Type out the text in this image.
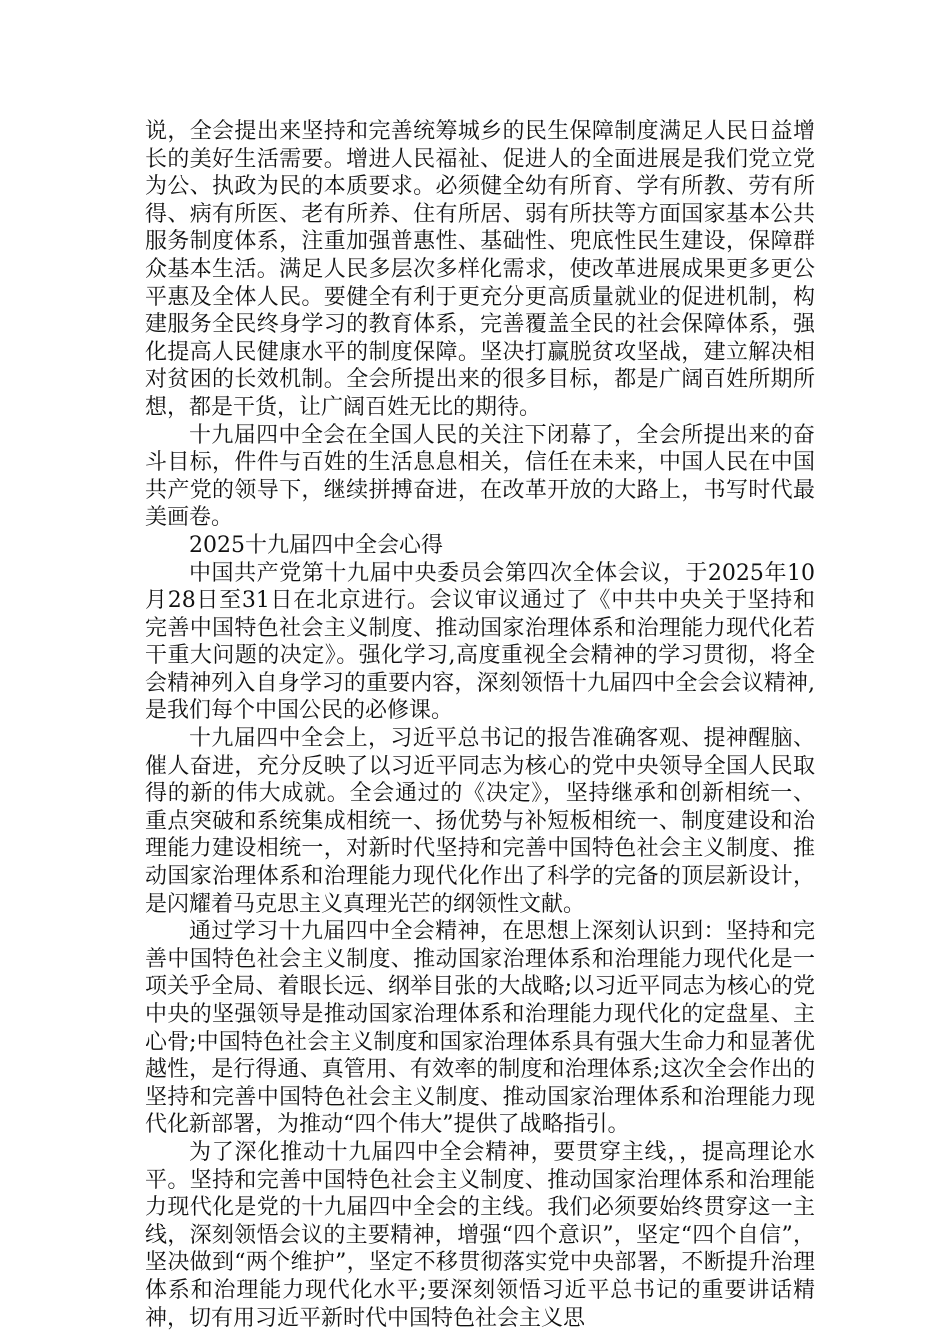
说，全会提出来坚持和完善统筹城乡的民生保障制度满足人民日益增长的美好生活需要。增进人民福祉、促进人的全面进展是我们党立党为公、执政为民的本质要求。必须健全幼有所育、学有所教、劳有所得、病有所医、老有所养、住有所居、弱有所扶等方面国家基本公共服务制度体系，注重加强普惠性、基础性、兜底性民生建设，保障群众基本生活。满足人民多层次多样化需求，使改革进展成果更多更公平惠及全体人民。要健全有利于更充分更高质量就业的促进机制，构建服务全民终身学习的教育体系，完善覆盖全民的社会保障体系，强化提高人民健康水平的制度保障。坚决打赢脱贫攻坚战，建立解决相对贫困的长效机制。全会所提出来的很多目标，都是广阔百姓所期所想，都是干货，让广阔百姓无比的期待。

十九届四中全会在全国人民的关注下闭幕了，全会所提出来的奋斗目标，件件与百姓的生活息息相关，信任在未来，中国人民在中国共产党的领导下，继续拼搏奋进，在改革开放的大路上，书写时代最美画卷。

2025十九届四中全会心得

中国共产党第十九届中央委员会第四次全体会议，于2025年10月28日至31日在北京进行。会议审议通过了《中共中央关于坚持和完善中国特色社会主义制度、推动国家治理体系和治理能力现代化若干重大问题的决定》。强化学习,高度重视全会精神的学习贯彻，将全会精神列入自身学习的重要内容，深刻领悟十九届四中全会会议精神,是我们每个中国公民的必修课。

十九届四中全会上，习近平总书记的报告准确客观、提神醒脑、催人奋进，充分反映了以习近平同志为核心的党中央领导全国人民取得的新的伟大成就。全会通过的《决定》，坚持继承和创新相统一、重点突破和系统集成相统一、扬优势与补短板相统一、制度建设和治理能力建设相统一，对新时代坚持和完善中国特色社会主义制度、推动国家治理体系和治理能力现代化作出了科学的完备的顶层新设计，是闪耀着马克思主义真理光芒的纲领性文献。

通过学习十九届四中全会精神，在思想上深刻认识到：坚持和完善中国特色社会主义制度、推动国家治理体系和治理能力现代化是一项关乎全局、着眼长远、纲举目张的大战略;以习近平同志为核心的党中央的坚强领导是推动国家治理体系和治理能力现代化的定盘星、主心骨;中国特色社会主义制度和国家治理体系具有强大生命力和显著优越性，是行得通、真管用、有效率的制度和治理体系;这次全会作出的坚持和完善中国特色社会主义制度、推动国家治理体系和治理能力现代化新部署，为推动“四个伟大”提供了战略指引。

为了深化推动十九届四中全会精神，要贯穿主线，，提高理论水平。坚持和完善中国特色社会主义制度、推动国家治理体系和治理能力现代化是党的十九届四中全会的主线。我们必须要始终贯穿这一主线，深刻领悟会议的主要精神，增强“四个意识”，坚定“四个自信”，坚决做到“两个维护”，坚定不移贯彻落实党中央部署，不断提升治理体系和治理能力现代化水平;要深刻领悟习近平总书记的重要讲话精神，切有用习近平新时代中国特色社会主义思
